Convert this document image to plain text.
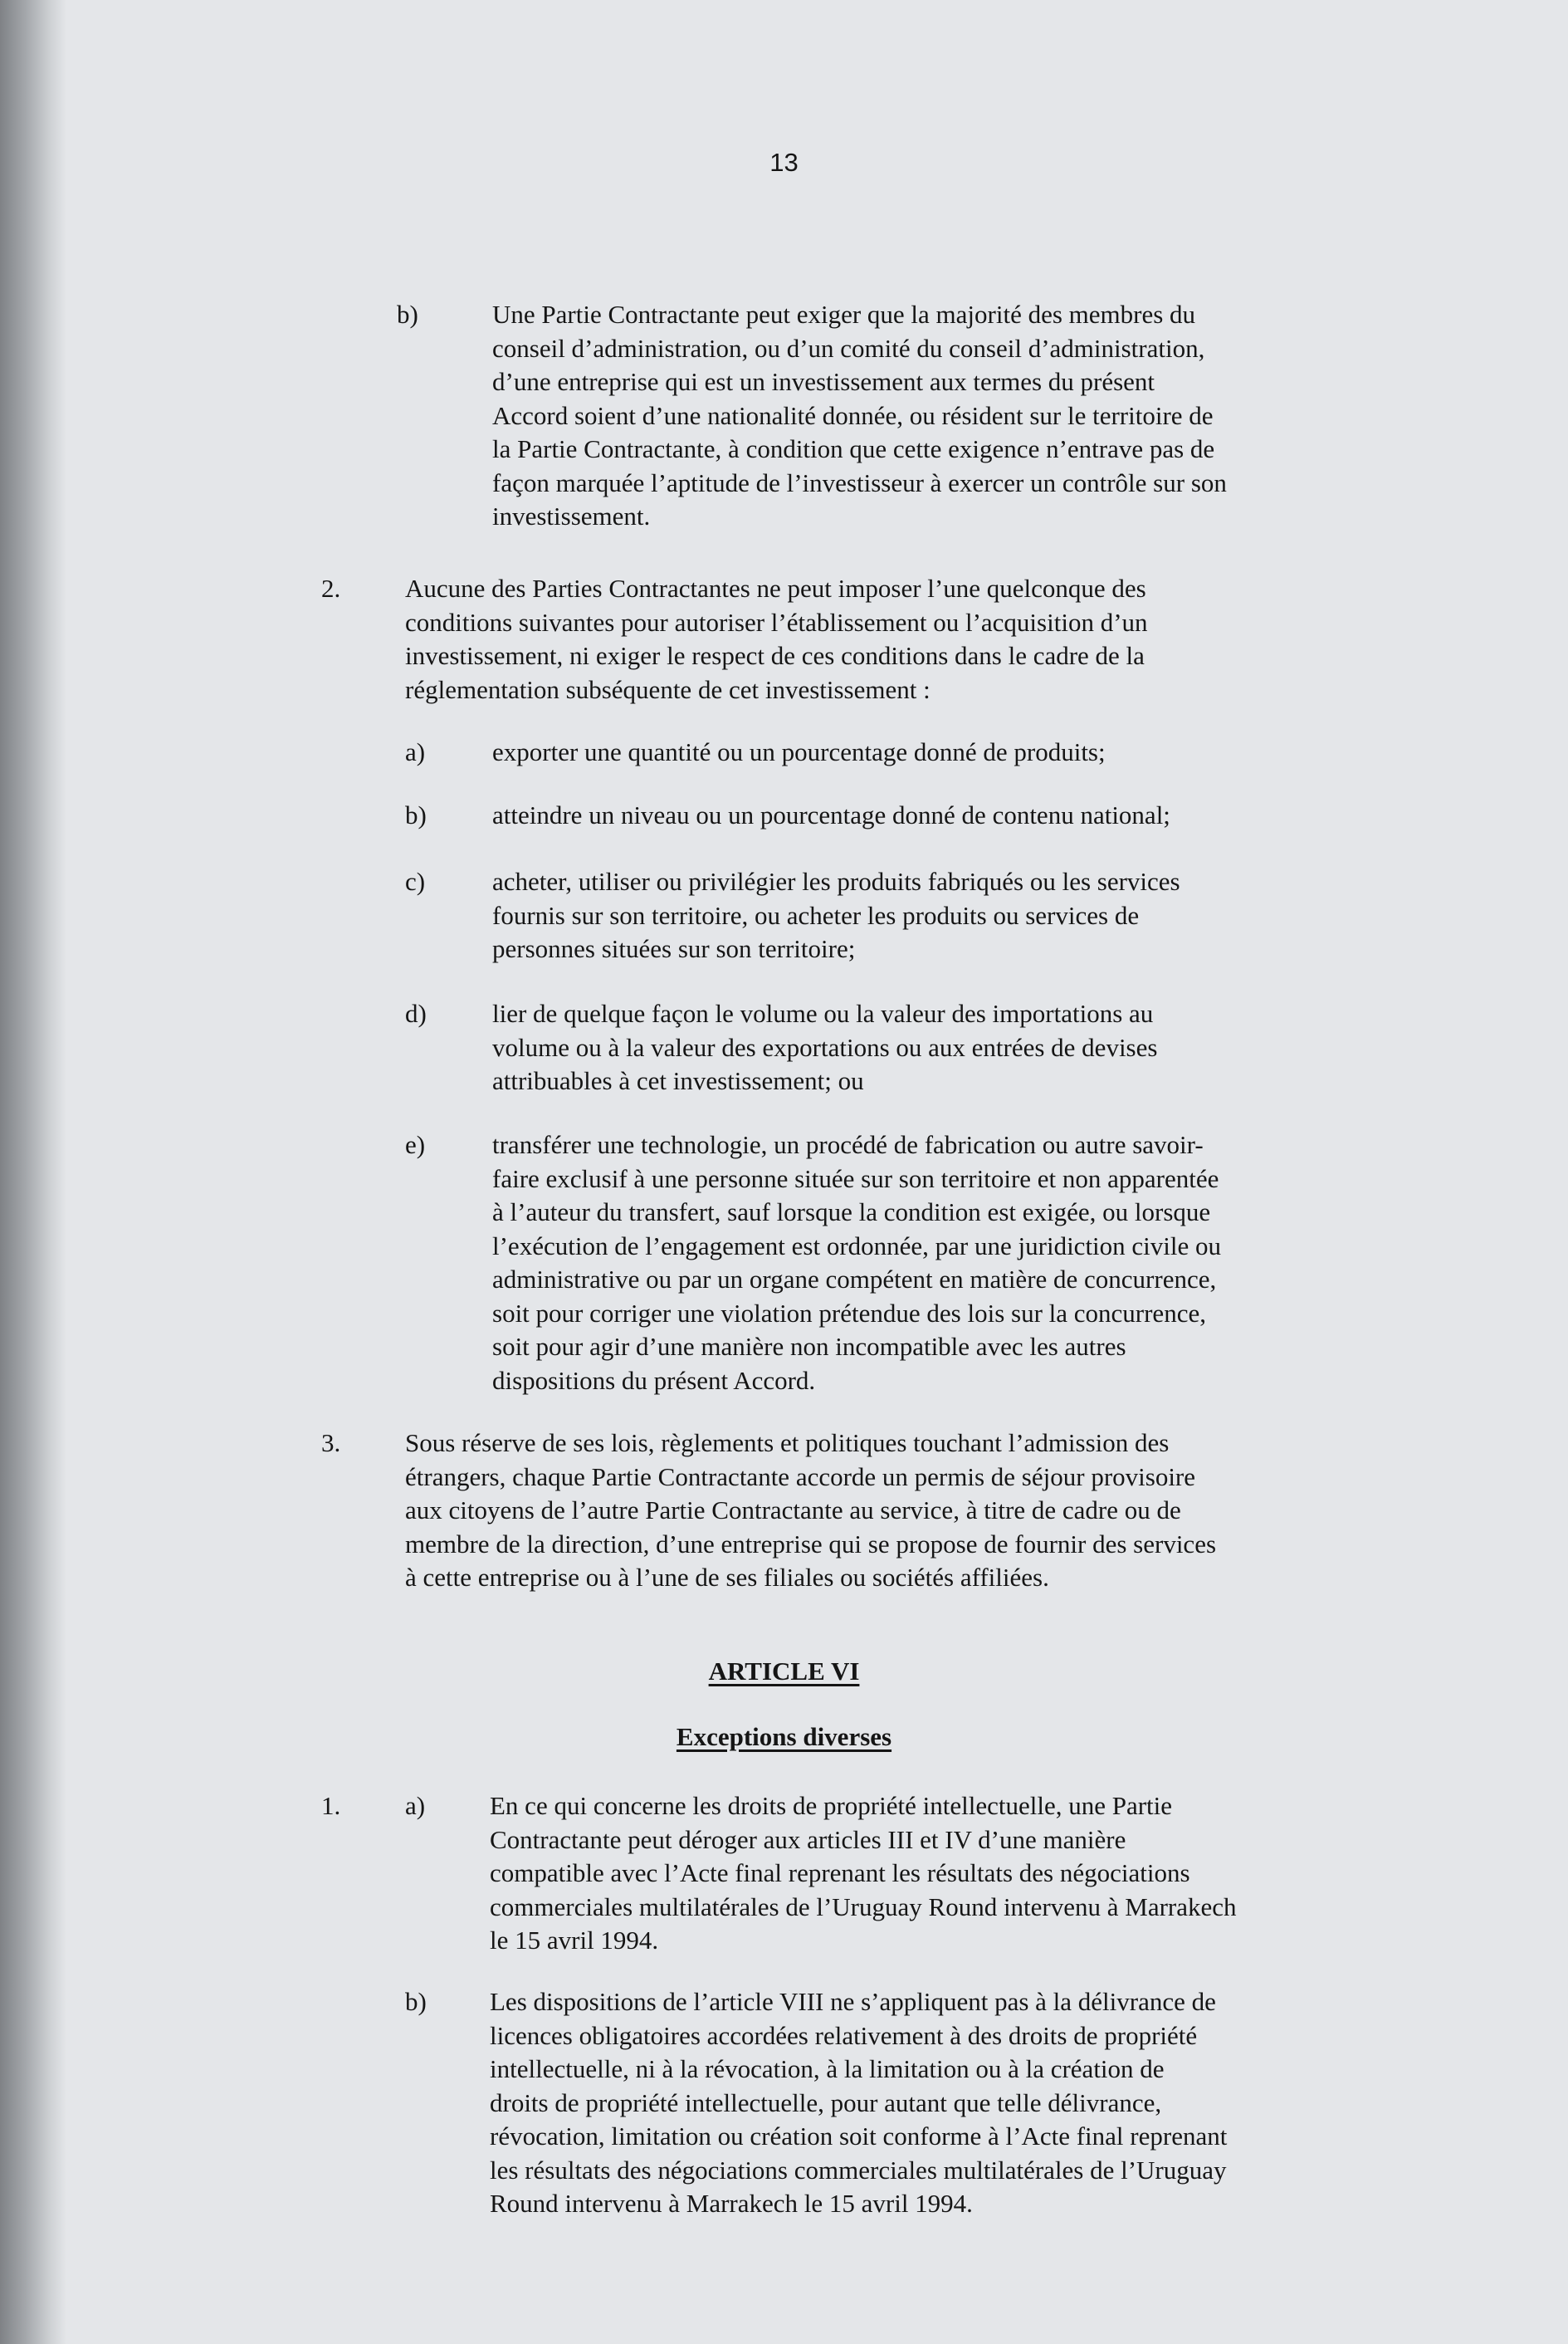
13
b)	Une Partie Contractante peut exiger que la majorité des membres du
conseil d’administration, ou d’un comité du conseil d’administration,
d’une entreprise qui est un investissement aux termes du présent
Accord soient d’une nationalité donnée, ou résident sur le territoire de
la Partie Contractante, à condition que cette exigence n’entrave pas de
façon marquée l’aptitude de l’investisseur à exercer un contrôle sur son
investissement.
2.	Aucune des Parties Contractantes ne peut imposer l’une quelconque des
conditions suivantes pour autoriser l’établissement ou l’acquisition d’un
investissement, ni exiger le respect de ces conditions dans le cadre de la
réglementation subséquente de cet investissement :
a)	exporter une quantité ou un pourcentage donné de produits;
b)	atteindre un niveau ou un pourcentage donné de contenu national;
c)	acheter, utiliser ou privilégier les produits fabriqués ou les services
fournis sur son territoire, ou acheter les produits ou services de
personnes situées sur son territoire;
d)	lier de quelque façon le volume ou la valeur des importations au
volume ou à la valeur des exportations ou aux entrées de devises
attribuables à cet investissement; ou
e)	transférer une technologie, un procédé de fabrication ou autre savoir-
faire exclusif à une personne située sur son territoire et non apparentée
à l’auteur du transfert, sauf lorsque la condition est exigée, ou lorsque
l’exécution de l’engagement est ordonnée, par une juridiction civile ou
administrative ou par un organe compétent en matière de concurrence,
soit pour corriger une violation prétendue des lois sur la concurrence,
soit pour agir d’une manière non incompatible avec les autres
dispositions du présent Accord.
3.	Sous réserve de ses lois, règlements et politiques touchant l’admission des
étrangers, chaque Partie Contractante accorde un permis de séjour provisoire
aux citoyens de l’autre Partie Contractante au service, à titre de cadre ou de
membre de la direction, d’une entreprise qui se propose de fournir des services
à cette entreprise ou à l’une de ses filiales ou sociétés affiliées.
ARTICLE VI
Exceptions diverses
1.	a)	En ce qui concerne les droits de propriété intellectuelle, une Partie
Contractante peut déroger aux articles III et IV d’une manière
compatible avec l’Acte final reprenant les résultats des négociations
commerciales multilatérales de l’Uruguay Round intervenu à Marrakech
le 15 avril 1994.
b) Les dispositions de l’article VIII ne s’appliquent pas à la délivrance de
licences obligatoires accordées relativement à des droits de propriété
intellectuelle, ni à la révocation, à la limitation ou à la création de
droits de propriété intellectuelle, pour autant que telle délivrance,
révocation, limitation ou création soit conforme à l’Acte final reprenant
les résultats des négociations commerciales multilatérales de l’Uruguay
Round intervenu à Marrakech le 15 avril 1994.
